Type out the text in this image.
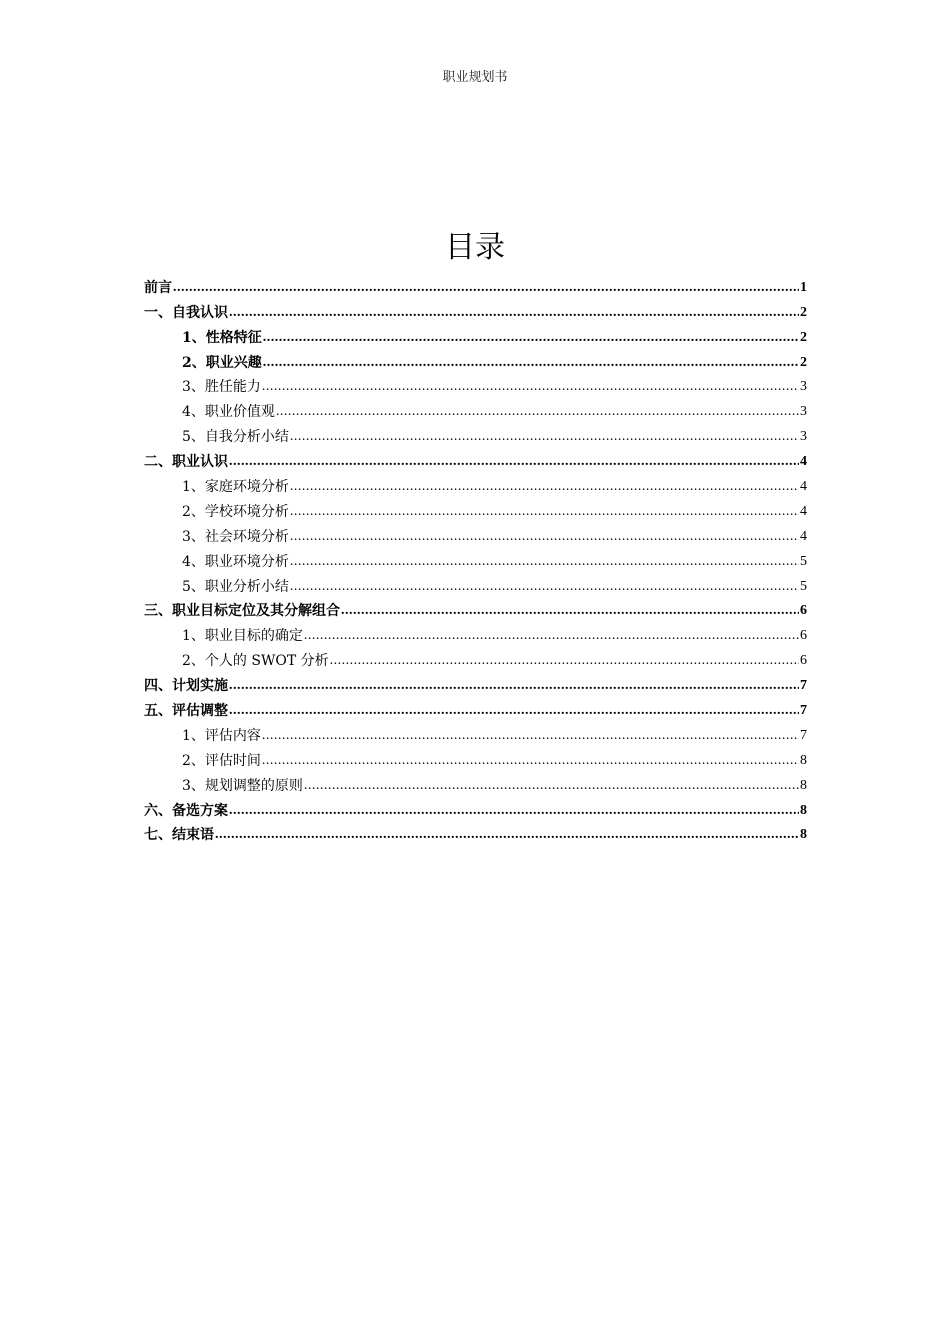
职业规划书
目录
前言 .....	1
一、自我认识 .....	2
1、性格特征 .....	2
2、职业兴趣 .....	2
3、胜任能力 .....	3
4、职业价值观 .....	3
5、自我分析小结 .....	3
二、职业认识 .....	4
1、家庭环境分析 .....	4
2、学校环境分析 .....	4
3、社会环境分析 .....	4
4、职业环境分析 .....	5
5、职业分析小结 .....	5
三、职业目标定位及其分解组合 .....	6
1、职业目标的确定 .....	6
2、个人的 SWOT 分析 .....	6
四、计划实施 .....	7
五、评估调整 .....	7
1、评估内容 .....	7
2、评估时间 .....	8
3、规划调整的原则 .....	8
六、备选方案 .....	8
七、结束语 .....	8
